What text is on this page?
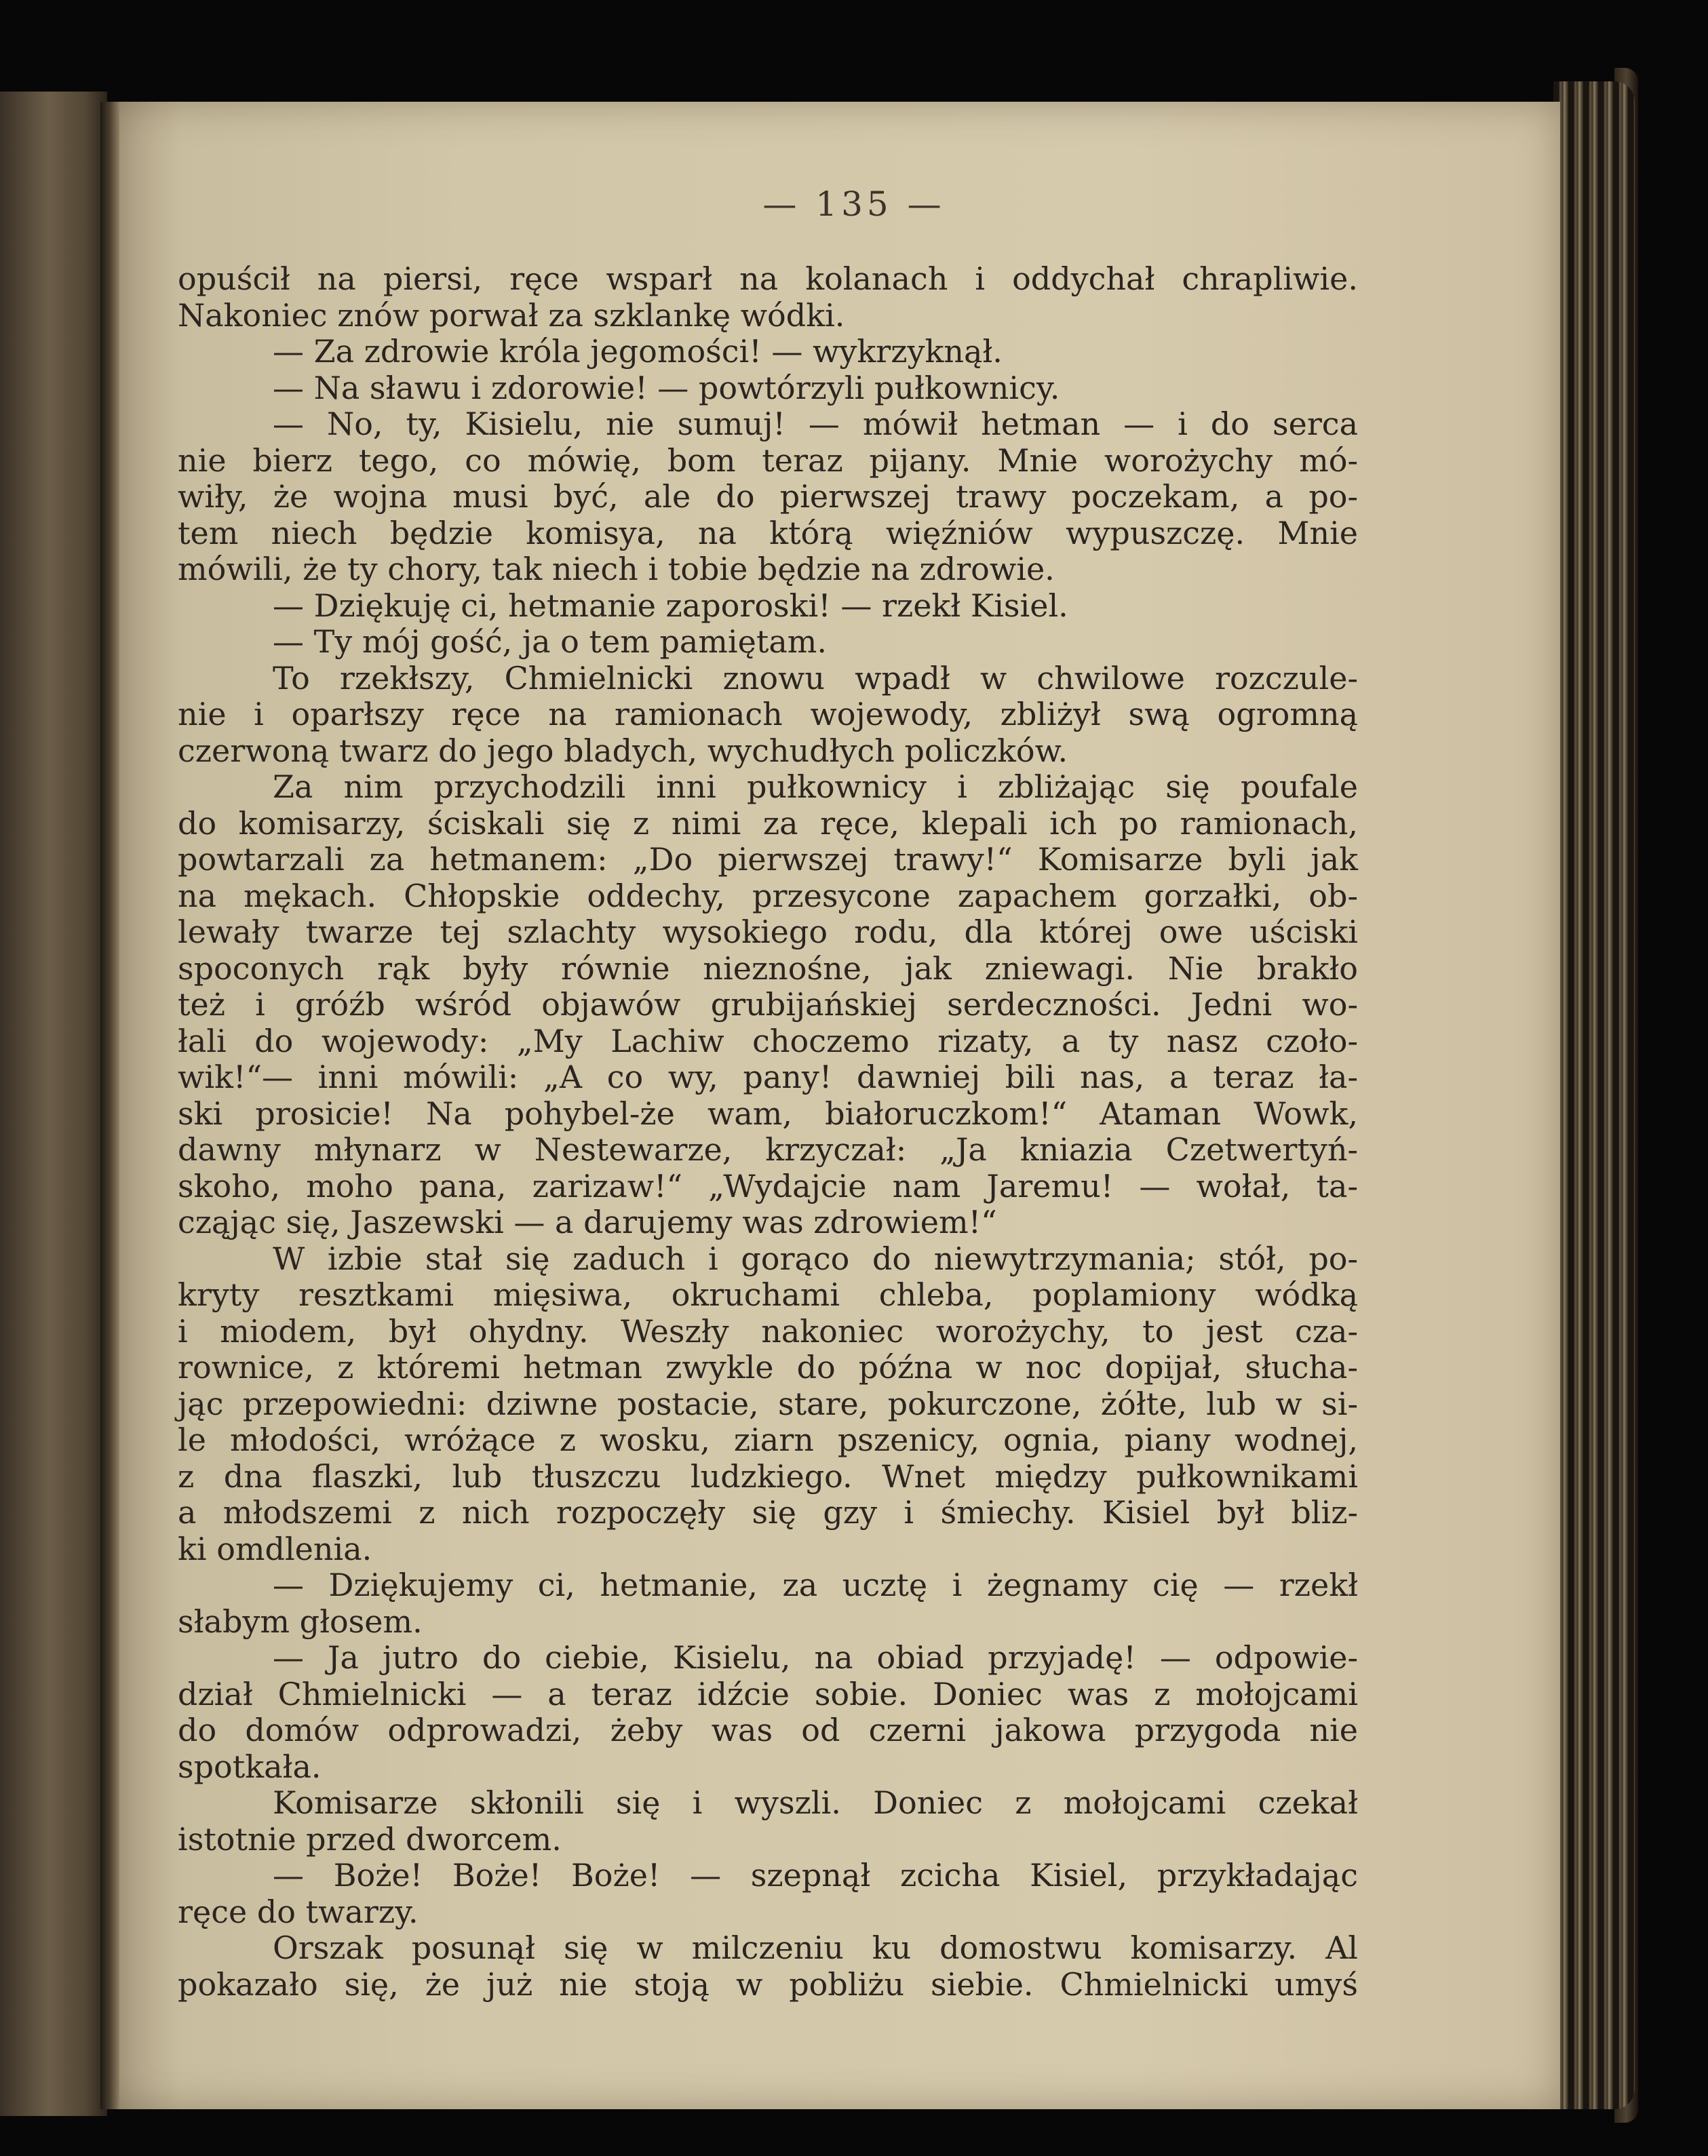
— 135 —
opuścił na piersi, ręce wsparł na kolanach i oddychał chrapliwie.
Nakoniec znów porwał za szklankę wódki.
— Za zdrowie króla jegomości! — wykrzyknął.
— Na sławu i zdorowie! — powtórzyli pułkownicy.
— No, ty, Kisielu, nie sumuj! — mówił hetman — i do serca
nie bierz tego, co mówię, bom teraz pijany. Mnie worożychy mó-
wiły, że wojna musi być, ale do pierwszej trawy poczekam, a po-
tem niech będzie komisya, na którą więźniów wypuszczę. Mnie
mówili, że ty chory, tak niech i tobie będzie na zdrowie.
— Dziękuję ci, hetmanie zaporoski! — rzekł Kisiel.
— Ty mój gość, ja o tem pamiętam.
To rzekłszy, Chmielnicki znowu wpadł w chwilowe rozczule-
nie i oparłszy ręce na ramionach wojewody, zbliżył swą ogromną
czerwoną twarz do jego bladych, wychudłych policzków.
Za nim przychodzili inni pułkownicy i zbliżając się poufale
do komisarzy, ściskali się z nimi za ręce, klepali ich po ramionach,
powtarzali za hetmanem: „Do pierwszej trawy!“ Komisarze byli jak
na mękach. Chłopskie oddechy, przesycone zapachem gorzałki, ob-
lewały twarze tej szlachty wysokiego rodu, dla której owe uściski
spoconych rąk były równie nieznośne, jak zniewagi. Nie brakło
też i gróźb wśród objawów grubijańskiej serdeczności. Jedni wo-
łali do wojewody: „My Lachiw choczemo rizaty, a ty nasz czoło-
wik!“— inni mówili: „A co wy, pany! dawniej bili nas, a teraz ła-
ski prosicie! Na pohybel-że wam, białoruczkom!“ Ataman Wowk,
dawny młynarz w Nestewarze, krzyczał: „Ja kniazia Czetwertyń-
skoho, moho pana, zarizaw!“ „Wydajcie nam Jaremu! — wołał, ta-
cząjąc się, Jaszewski — a darujemy was zdrowiem!“
W izbie stał się zaduch i gorąco do niewytrzymania; stół, po-
kryty resztkami mięsiwa, okruchami chleba, poplamiony wódką
i miodem, był ohydny. Weszły nakoniec worożychy, to jest cza-
rownice, z któremi hetman zwykle do późna w noc dopijał, słucha-
jąc przepowiedni: dziwne postacie, stare, pokurczone, żółte, lub w si-
le młodości, wróżące z wosku, ziarn pszenicy, ognia, piany wodnej,
z dna flaszki, lub tłuszczu ludzkiego. Wnet między pułkownikami
a młodszemi z nich rozpoczęły się gzy i śmiechy. Kisiel był bliz-
ki omdlenia.
— Dziękujemy ci, hetmanie, za ucztę i żegnamy cię — rzekł
słabym głosem.
— Ja jutro do ciebie, Kisielu, na obiad przyjadę! — odpowie-
dział Chmielnicki — a teraz idźcie sobie. Doniec was z mołojcami
do domów odprowadzi, żeby was od czerni jakowa przygoda nie
spotkała.
Komisarze skłonili się i wyszli. Doniec z mołojcami czekał
istotnie przed dworcem.
— Boże! Boże! Boże! — szepnął zcicha Kisiel, przykładając
ręce do twarzy.
Orszak posunął się w milczeniu ku domostwu komisarzy. Al
pokazało się, że już nie stoją w pobliżu siebie. Chmielnicki umyś
